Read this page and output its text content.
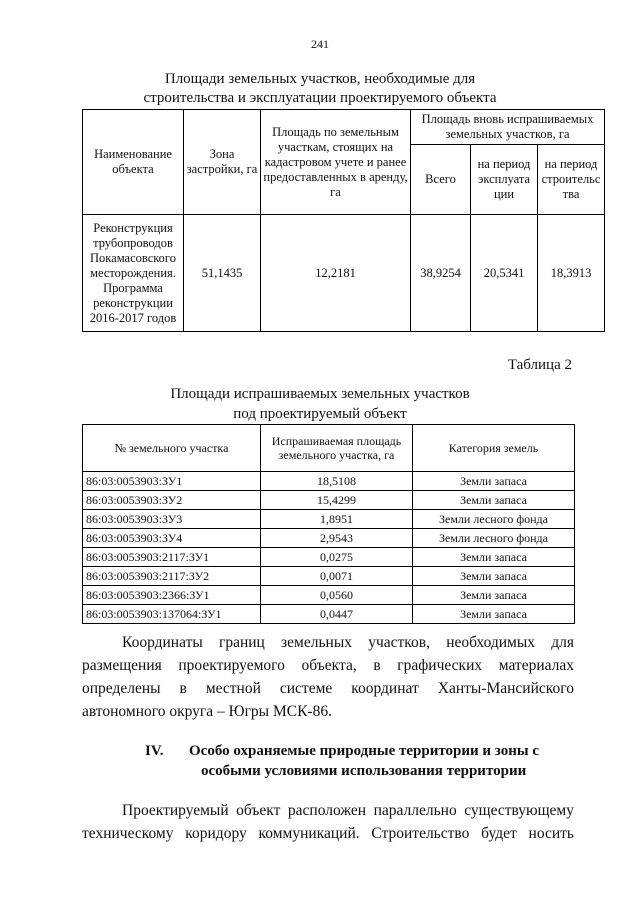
241
Площади земельных участков, необходимые для
строительства и эксплуатации проектируемого объекта
Наименование объекта	Зона застройки, га	Площадь по земельным участкам, стоящих на кадастровом учете и ранее предоставленных в аренду, га	Площадь вновь испрашиваемых земельных участков, га		
			Всего	на период эксплуата ции	на период строительс тва
Реконструкция трубопроводов Покамасовского месторождения. Программа реконструкции 2016-2017 годов	51,1435	12,2181	38,9254	20,5341	18,3913
Таблица 2
Площади испрашиваемых земельных участков
под проектируемый объект
№ земельного участка	Испрашиваемая площадь земельного участка, га	Категория земель
86:03:0053903:ЗУ1	18,5108	Земли запаса
86:03:0053903:ЗУ2	15,4299	Земли запаса
86:03:0053903:ЗУ3	1,8951	Земли лесного фонда
86:03:0053903:ЗУ4	2,9543	Земли лесного фонда
86:03:0053903:2117:ЗУ1	0,0275	Земли запаса
86:03:0053903:2117:ЗУ2	0,0071	Земли запаса
86:03:0053903:2366:ЗУ1	0,0560	Земли запаса
86:03:0053903:137064:ЗУ1	0,0447	Земли запаса
Координаты границ земельных участков, необходимых для
размещения проектируемого объекта, в графических материалах
определены в местной системе координат Ханты-Мансийского
автономного округа – Югры МСК-86.
IV. Особо охраняемые природные территории и зоны с
особыми условиями использования территории
Проектируемый объект расположен параллельно существующему
техническому коридору коммуникаций. Строительство будет носить
